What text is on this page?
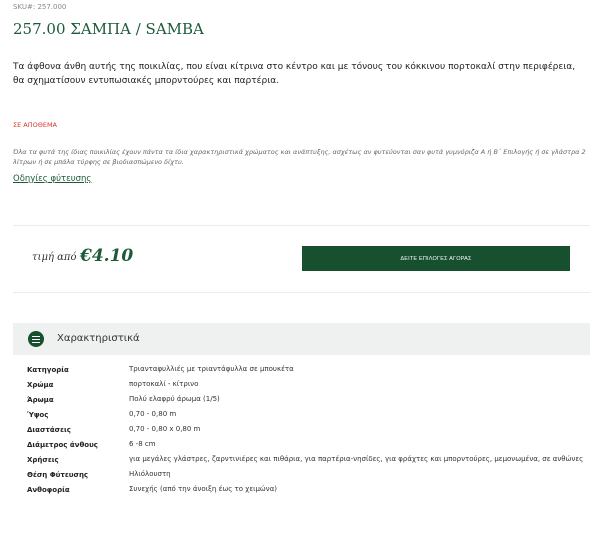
SKU#: 257.000
257.00 ΣΑΜΠΑ / SAMBA
Τα άφθονα άνθη αυτής της ποικιλίας, που είναι κίτρινα στο κέντρο και με τόνους του κόκκινου πορτοκαλί στην περιφέρεια, θα σχηματίσουν εντυπωσιακές μπορντούρες και παρτέρια.
ΣΕ ΑΠΟΘΕΜΑ
Όλα τα φυτά της ίδιας ποικιλίας έχουν πάντα τα ίδια χαρακτηριστικά χρώματος και ανάπτυξης, ασχέτως αν φυτεύονται σαν φυτά γυμνόριζα Α ή Β΄ Επιλογής ή σε γλάστρα 2 λίτρων ή σε μπάλα τύρφης σε βιοδιασπώμενο δίχτυ.
Οδηγίες φύτευσης
τιμή από €4.10	ΔΕΙΤΕ ΕΠΙΛΟΓΕΣ ΑΓΟΡΑΣ
Χαρακτηριστικά
Κατηγορία	Τριανταφυλλιές με τριαντάφυλλα σε μπουκέτα
Χρώμα	πορτοκαλί - κίτρινο
Άρωμα	Πολύ ελαφρύ άρωμα (1/5)
Ύψος	0,70 - 0,80 m
Διαστάσεις	0,70 - 0,80 x 0,80 m
Διάμετρος άνθους	6 -8 cm
Χρήσεις	για μεγάλες γλάστρες, ζαρντινιέρες και πιθάρια, για παρτέρια-νησίδες, για φράχτες και μπορντούρες, μεμονωμένα, σε ανθώνες
Θέση Φύτευσης	Ηλιόλουστη
Ανθοφορία	Συνεχής (από την άνοιξη έως το χειμώνα)
